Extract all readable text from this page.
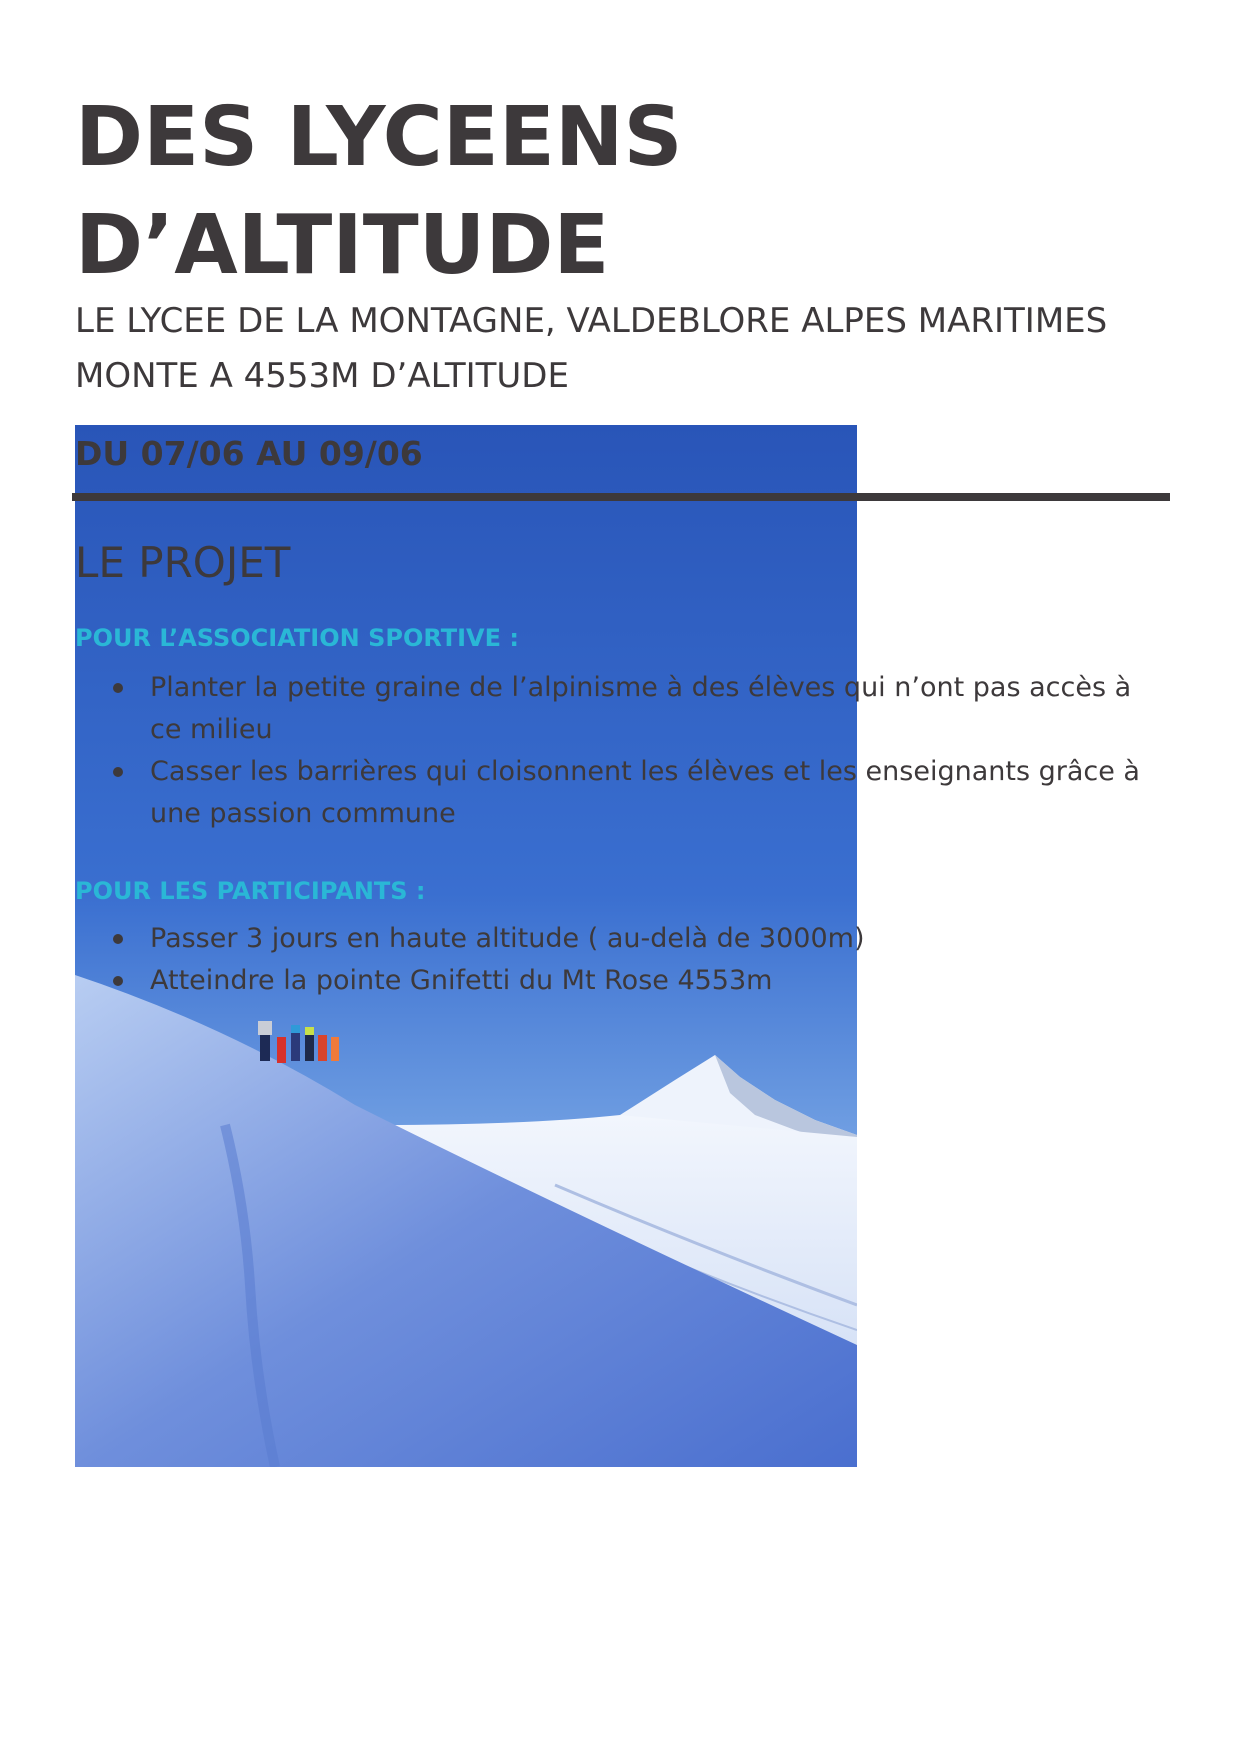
DES LYCEENS
D’ALTITUDE

LE LYCEE DE LA MONTAGNE, VALDEBLORE ALPES MARITIMES
MONTE A 4553M D’ALTITUDE

DU 07/06 AU 09/06

LE PROJET
POUR L’ASSOCIATION SPORTIVE :
Planter la petite graine de l’alpinisme à des élèves qui n’ont pas accès à ce milieu
Casser les barrières qui cloisonnent les élèves et les enseignants grâce à une passion commune
POUR LES PARTICIPANTS :
Passer 3 jours en haute altitude ( au-delà de 3000m)
Atteindre la pointe Gnifetti du Mt Rose 4553m
